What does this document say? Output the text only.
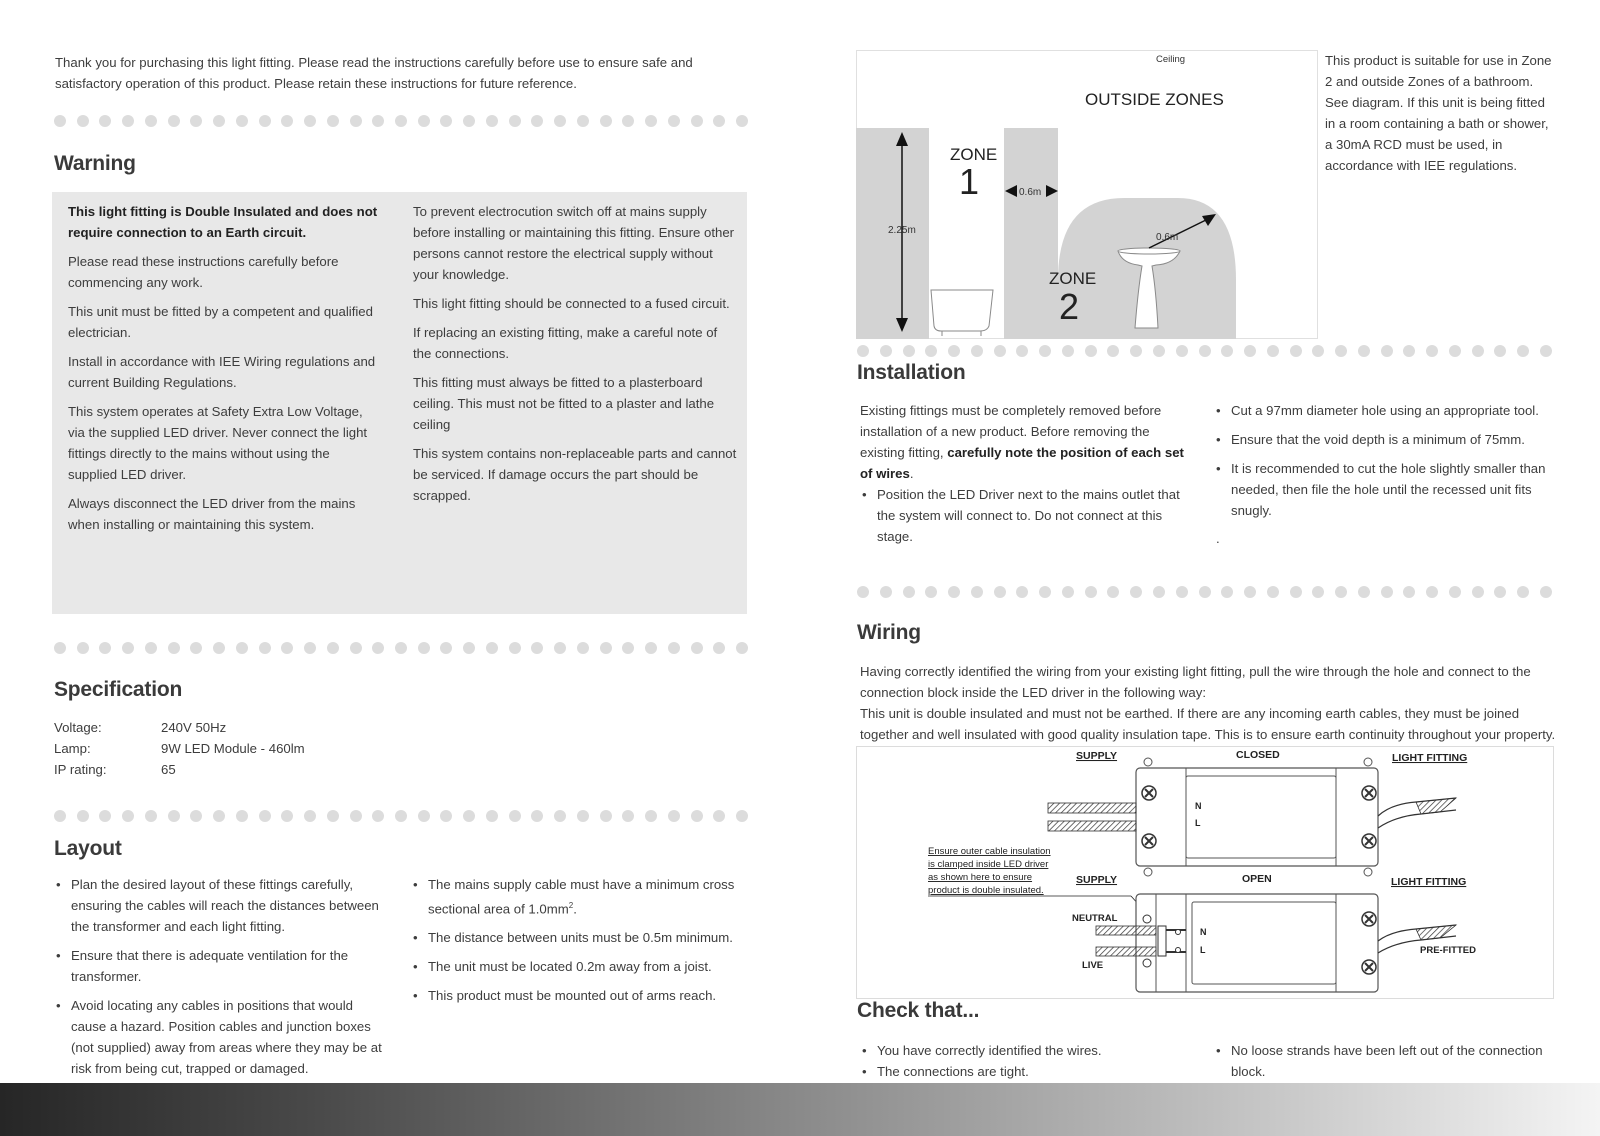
Thank you for purchasing this light fitting. Please read the instructions carefully before use to ensure safe and satisfactory operation of this product. Please retain these instructions for future reference.

Warning

This light fitting is Double Insulated and does not require connection to an Earth circuit.

Please read these instructions carefully before commencing any work.

This unit must be fitted by a competent and qualified electrician.

Install in accordance with IEE Wiring regulations and current Building Regulations.

This system operates at Safety Extra Low Voltage, via the supplied LED driver. Never connect the light fittings directly to the mains without using the supplied LED driver.

Always disconnect the LED driver from the mains when installing or maintaining this system.

To prevent electrocution switch off at mains supply before installing or maintaining this fitting. Ensure other persons cannot restore the electrical supply without your knowledge.

This light fitting should be connected to a fused circuit.

If replacing an existing fitting, make a careful note of the connections.

This fitting must always be fitted to a plasterboard ceiling. This must not be fitted to a plaster and lathe ceiling

This system contains non-replaceable parts and cannot be serviced. If damage occurs the part should be scrapped.

Specification
Voltage:	240V 50Hz
Lamp:	9W LED Module - 460lm
IP rating:	65
Layout
• Plan the desired layout of these fittings carefully, ensuring the cables will reach the distances between the transformer and each light fitting.
• Ensure that there is adequate ventilation for the transformer.
• Avoid locating any cables in positions that would cause a hazard. Position cables and junction boxes (not supplied) away from areas where they may be at risk from being cut, trapped or damaged.
• The mains supply cable must have a minimum cross sectional area of $1.0mm^2$.
• The distance between units must be 0.5m minimum.
• The unit must be located 0.2m away from a joist.
• This product must be mounted out of arms reach.
2.25m
ZONE
1	0.6m
Ceiling
OUTSIDE ZONES
0.6m
ZONE
2

This product is suitable for use in Zone 2 and outside Zones of a bathroom. See diagram. If this unit is being fitted in a room containing a bath or shower, a 30mA RCD must be used, in accordance with IEE regulations.

Installation

Existing fittings must be completely removed before installation of a new product. Before removing the existing fitting, carefully note the position of each set of wires.

• Position the LED Driver next to the mains outlet that the system will connect to. Do not connect at this stage.
• Cut a 97mm diameter hole using an appropriate tool.
• Ensure that the void depth is a minimum of 75mm.
• It is recommended to cut the hole slightly smaller than needed, then file the hole until the recessed unit fits snugly.
.
Wiring

Having correctly identified the wiring from your existing light fitting, pull the wire through the hole and connect to the connection block inside the LED driver in the following way:

This unit is double insulated and must not be earthed. If there are any incoming earth cables, they must be joined together and well insulated with good quality insulation tape. This is to ensure earth continuity throughout your property.

SUPPLY	CLOSED	LIGHT FITTING
N
L
Ensure outer cable insulation
is clamped inside LED driver
as shown here to ensure
product is double insulated.
SUPPLY	OPEN	LIGHT FITTING
N
L
NEUTRAL
LIVE
PRE-FITTED
Check that...
• You have correctly identified the wires.
• The connections are tight.
• No loose strands have been left out of the connection block.
